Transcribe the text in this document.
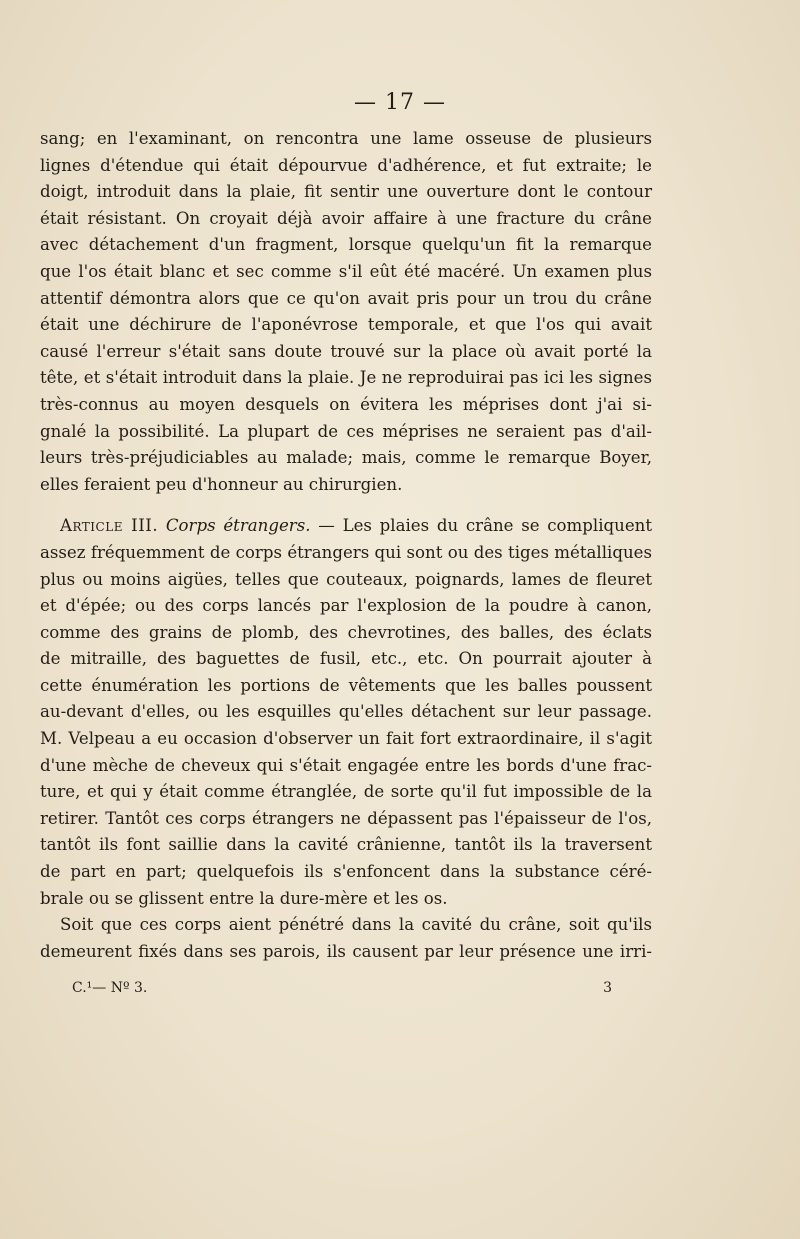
— 17 —
sang; en l'examinant, on rencontra une lame osseuse de plusieurs
lignes d'étendue qui était dépourvue d'adhérence, et fut extraite; le
doigt, introduit dans la plaie, fit sentir une ouverture dont le contour
était résistant. On croyait déjà avoir affaire à une fracture du crâne
avec détachement d'un fragment, lorsque quelqu'un fit la remarque
que l'os était blanc et sec comme s'il eût été macéré. Un examen plus
attentif démontra alors que ce qu'on avait pris pour un trou du crâne
était une déchirure de l'aponévrose temporale, et que l'os qui avait
causé l'erreur s'était sans doute trouvé sur la place où avait porté la
tête, et s'était introduit dans la plaie. Je ne reproduirai pas ici les signes
très-connus au moyen desquels on évitera les méprises dont j'ai si-
gnalé la possibilité. La plupart de ces méprises ne seraient pas d'ail-
leurs très-préjudiciables au malade; mais, comme le remarque Boyer,
elles feraient peu d'honneur au chirurgien.
Article III. Corps étrangers. — Les plaies du crâne se compliquent
assez fréquemment de corps étrangers qui sont ou des tiges métalliques
plus ou moins aigües, telles que couteaux, poignards, lames de fleuret
et d'épée; ou des corps lancés par l'explosion de la poudre à canon,
comme des grains de plomb, des chevrotines, des balles, des éclats
de mitraille, des baguettes de fusil, etc., etc. On pourrait ajouter à
cette énumération les portions de vêtements que les balles poussent
au-devant d'elles, ou les esquilles qu'elles détachent sur leur passage.
M. Velpeau a eu occasion d'observer un fait fort extraordinaire, il s'agit
d'une mèche de cheveux qui s'était engagée entre les bords d'une frac-
ture, et qui y était comme étranglée, de sorte qu'il fut impossible de la
retirer. Tantôt ces corps étrangers ne dépassent pas l'épaisseur de l'os,
tantôt ils font saillie dans la cavité crânienne, tantôt ils la traversent
de part en part; quelquefois ils s'enfoncent dans la substance céré-
brale ou se glissent entre la dure-mère et les os.
Soit que ces corps aient pénétré dans la cavité du crâne, soit qu'ils
demeurent fixés dans ses parois, ils causent par leur présence une irri-
C.¹— Nº 3.	3
